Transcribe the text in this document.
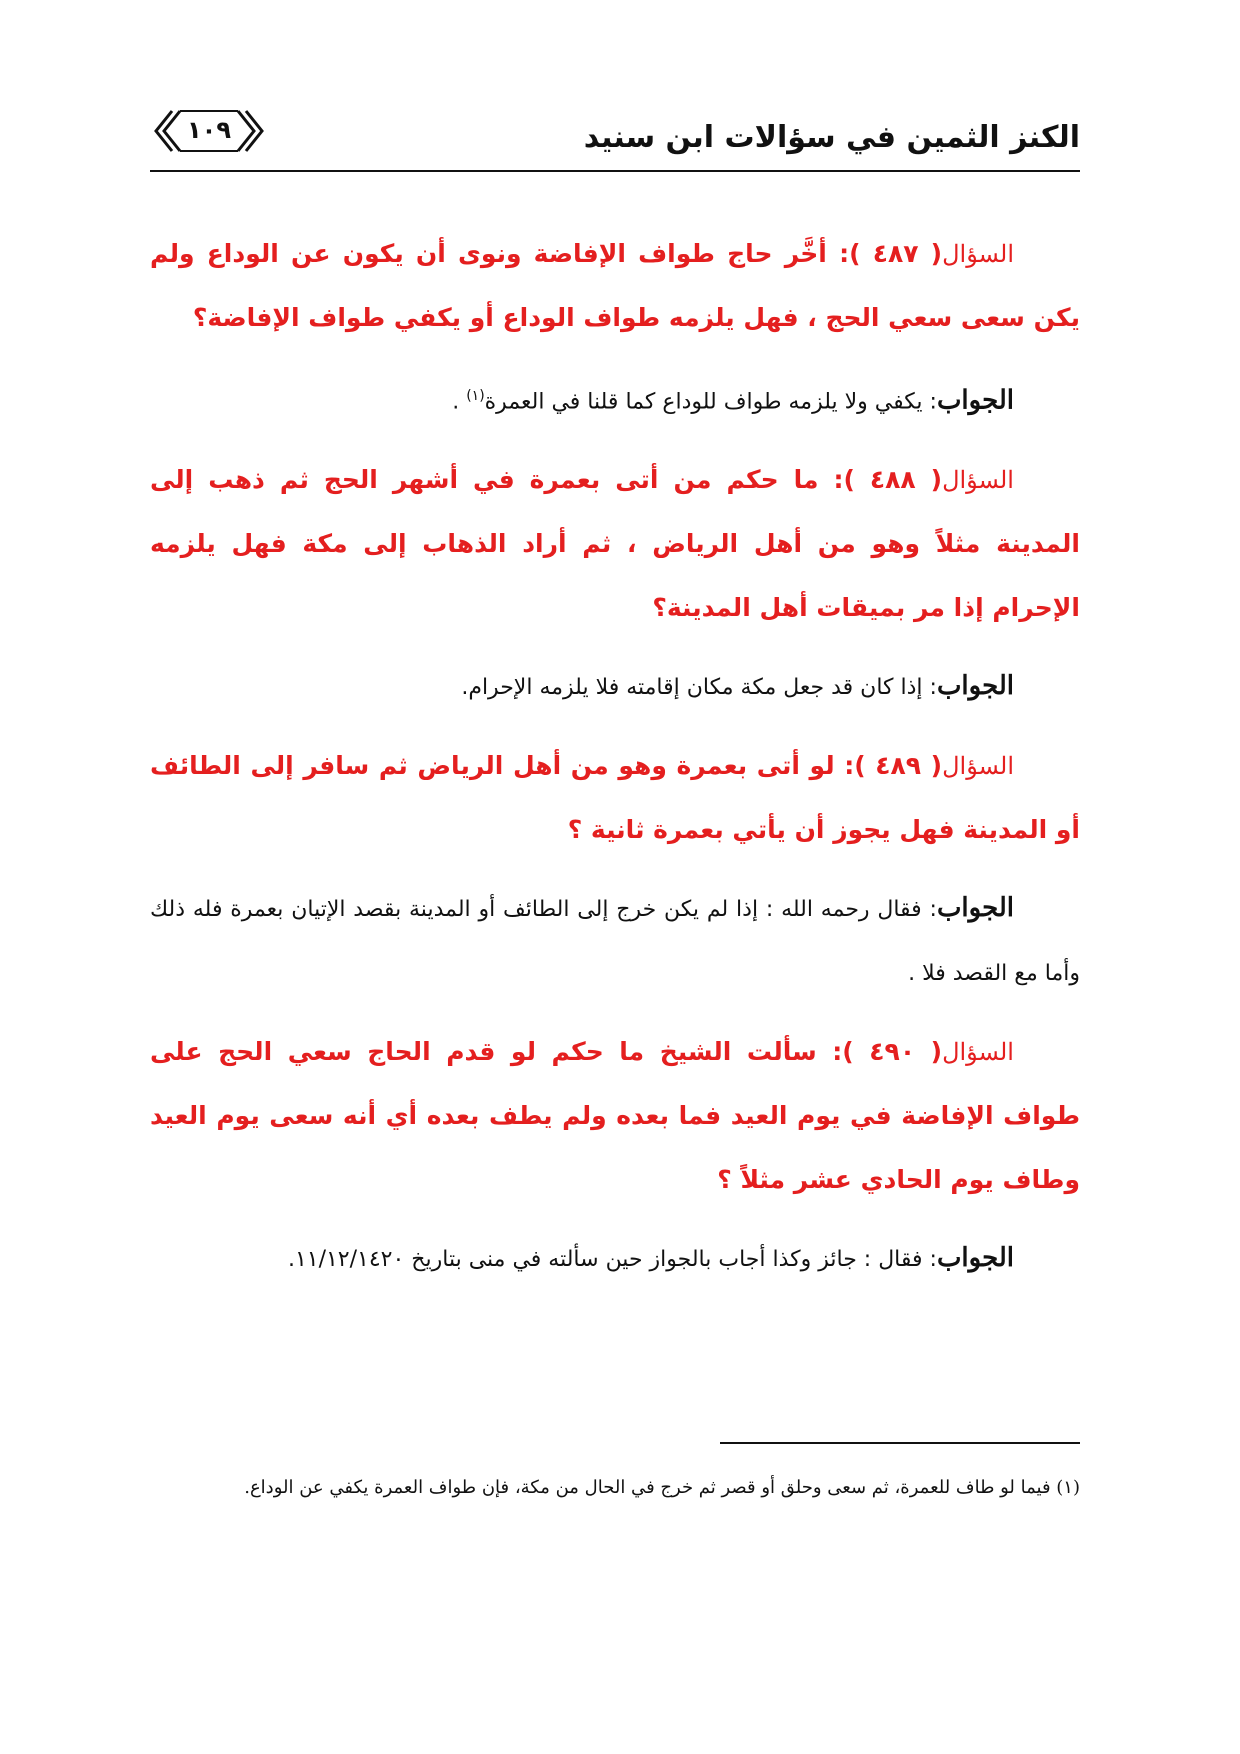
الكنز الثمين في سؤالات ابن سنيد
١٠٩

السؤال( ٤٨٧ ): أخَّر حاج طواف الإفاضة ونوى أن يكون عن الوداع ولم يكن سعى سعي الحج ، فهل يلزمه طواف الوداع أو يكفي طواف الإفاضة؟

الجواب: يكفي ولا يلزمه طواف للوداع كما قلنا في العمرة$^{(١)}$ .

السؤال( ٤٨٨ ): ما حكم من أتى بعمرة في أشهر الحج ثم ذهب إلى المدينة مثلاً وهو من أهل الرياض ، ثم أراد الذهاب إلى مكة فهل يلزمه الإحرام إذا مر بميقات أهل المدينة؟

الجواب: إذا كان قد جعل مكة مكان إقامته فلا يلزمه الإحرام.

السؤال( ٤٨٩ ): لو أتى بعمرة وهو من أهل الرياض ثم سافر إلى الطائف أو المدينة فهل يجوز أن يأتي بعمرة ثانية ؟

الجواب: فقال رحمه الله : إذا لم يكن خرج إلى الطائف أو المدينة بقصد الإتيان بعمرة فله ذلك وأما مع القصد فلا .

السؤال( ٤٩٠ ): سألت الشيخ ما حكم لو قدم الحاج سعي الحج على طواف الإفاضة في يوم العيد فما بعده ولم يطف بعده أي أنه سعى يوم العيد وطاف يوم الحادي عشر مثلاً ؟

الجواب: فقال : جائز وكذا أجاب بالجواز حين سألته في منى بتاريخ ١١/١٢/١٤٢٠.

(١) فيما لو طاف للعمرة، ثم سعى وحلق أو قصر ثم خرج في الحال من مكة، فإن طواف العمرة يكفي عن الوداع.
